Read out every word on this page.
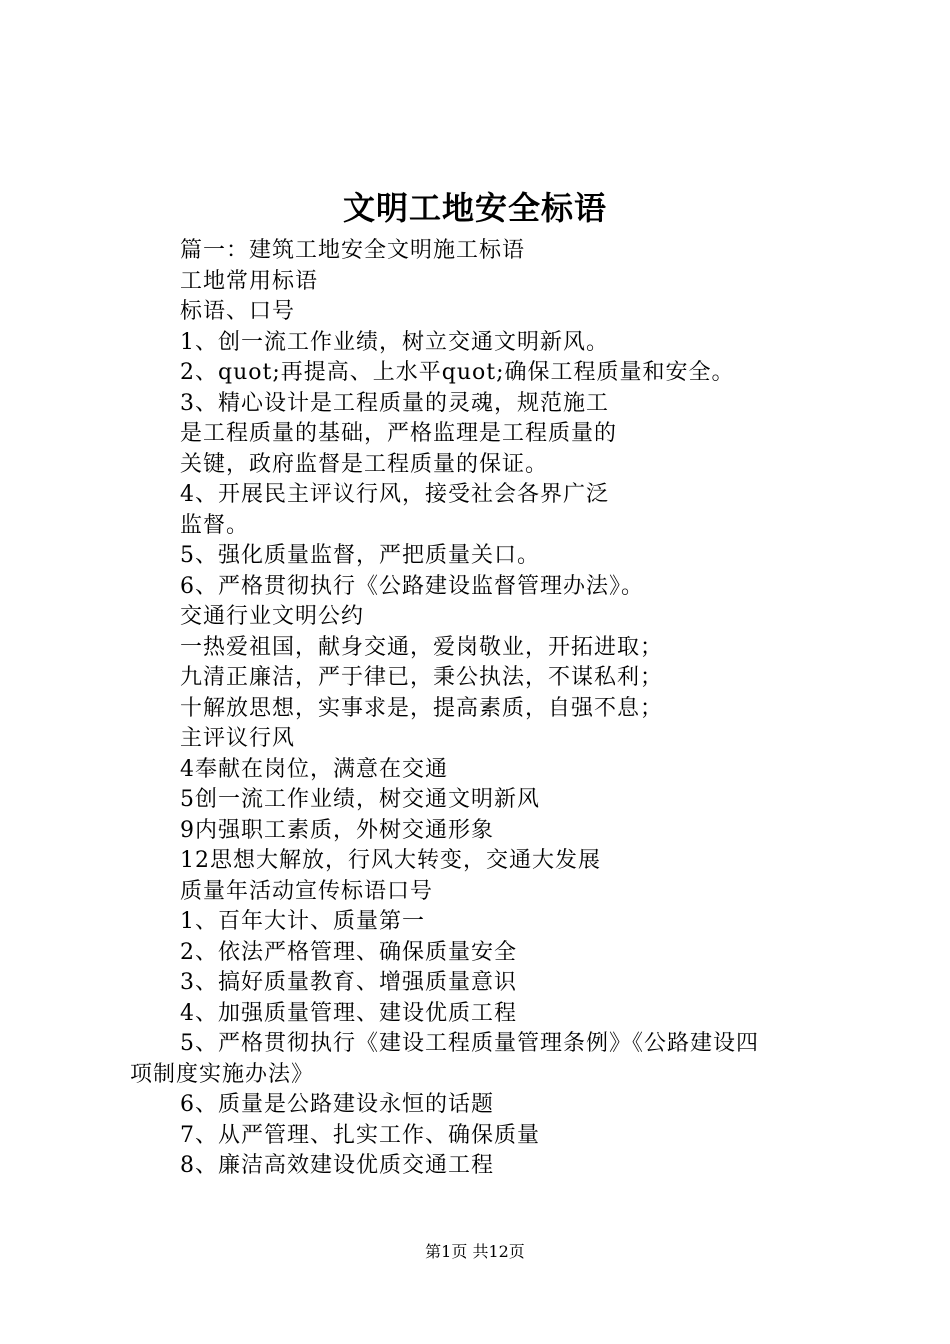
文明工地安全标语
篇一：建筑工地安全文明施工标语
工地常用标语
标语、口号
1、创一流工作业绩，树立交通文明新风。
2、quot;再提高、上水平quot;确保工程质量和安全。
3、精心设计是工程质量的灵魂，规范施工
是工程质量的基础，严格监理是工程质量的
关键，政府监督是工程质量的保证。
4、开展民主评议行风，接受社会各界广泛
监督。
5、强化质量监督，严把质量关口。
6、严格贯彻执行《公路建设监督管理办法》。
交通行业文明公约
一热爱祖国，献身交通，爱岗敬业，开拓进取；
九清正廉洁，严于律已，秉公执法，不谋私利；
十解放思想，实事求是，提高素质，自强不息；
主评议行风
4奉献在岗位，满意在交通
5创一流工作业绩，树交通文明新风
9内强职工素质，外树交通形象
12思想大解放，行风大转变，交通大发展
质量年活动宣传标语口号
1、百年大计、质量第一
2、依法严格管理、确保质量安全
3、搞好质量教育、增强质量意识
4、加强质量管理、建设优质工程
5、严格贯彻执行《建设工程质量管理条例》《公路建设四
项制度实施办法》
6、质量是公路建设永恒的话题
7、从严管理、扎实工作、确保质量
8、廉洁高效建设优质交通工程
第1页 共12页
